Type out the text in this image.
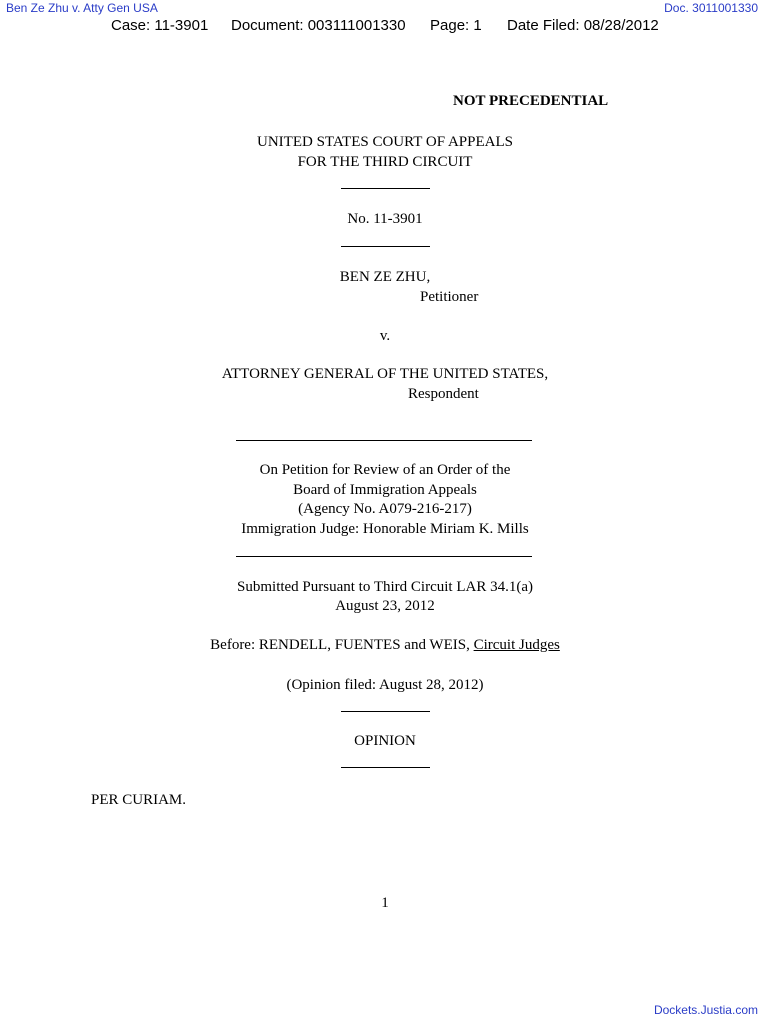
Ben Ze Zhu v. Atty Gen USA	Doc. 3011001330
Case: 11-3901 Document: 003111001330 Page: 1 Date Filed: 08/28/2012
NOT PRECEDENTIAL
UNITED STATES COURT OF APPEALS
FOR THE THIRD CIRCUIT
No. 11-3901
BEN ZE ZHU,
Petitioner
v.
ATTORNEY GENERAL OF THE UNITED STATES,
Respondent
On Petition for Review of an Order of the
Board of Immigration Appeals
(Agency No. A079-216-217)
Immigration Judge: Honorable Miriam K. Mills
Submitted Pursuant to Third Circuit LAR 34.1(a)
August 23, 2012
Before: RENDELL, FUENTES and WEIS, Circuit Judges
(Opinion filed: August 28, 2012)
OPINION
PER CURIAM.
1
Dockets.Justia.com
